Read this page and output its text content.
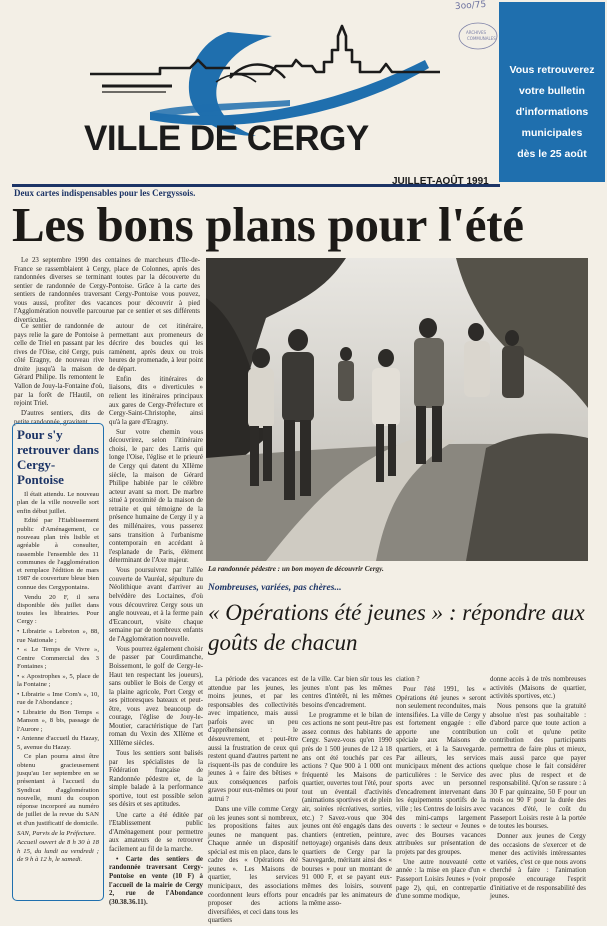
ARCHIVES
COMMUNALES
3oo/75
VILLE DE CERGY
Vous retrouverez
votre bulletin
d'informations
municipales
dès le 25 août
Deux cartes indispensables pour les Cergyssois.
JUILLET-AOÛT 1991
Les bons plans pour l'été

Le 23 septembre 1990 des centaines de marcheurs d'Ile-de-France se rassemblaient à Cergy, place de Colonnes, après des randonnées diverses se terminant toutes par la découverte du sentier de randonnée de Cergy-Pontoise. Grâce à la carte des sentiers de randonnées traversant Cergy-Pontoise vous pouvez, vous aussi, profiter des vacances pour découvrir à pied l'Agglomération nouvelle parcourue par ce sentier et ses différents diverticules.

Ce sentier de randonnée de pays relie la gare de Pontoise à celle de Triel en passant par les rives de l'Oise, cité Cergy, puis côté Eragny, de nouveau rive droite jusqu'à la maison de Gérard Philipe. Ils remontent le Vallon de Jouy-la-Fontaine d'où, par la forêt de l'Hautil, on rejoint Triel.

D'autres sentiers, dits de petite randonnée, gravitent

autour de cet itinéraire, permettant aux promeneurs de décrire des boucles qui les ramènent, après deux ou trois heures de promenade, à leur point de départ.

Enfin des itinéraires de liaisons, dits « diverticules » relient les itinéraires principaux aux gares de Cergy-Préfecture et Cergy-Saint-Christophe, ainsi qu'à la gare d'Eragny.

Sur votre chemin vous découvrirez, selon l'itinéraire choisi, le parc des Larris qui longe l'Oise, l'église et le prieuré de Cergy qui datent du XIIème siècle, la maison de Gérard Philipe habitée par le célèbre acteur avant sa mort. De marbre situé à proximité de la maison de retraite et qui témoigne de la présence humaine de Cergy il y a des millénaires, vous passerez sans transition à l'urbanisme contemporain en accédant à l'esplanade de Paris, élément déterminant de l'Axe majeur.

Vous poursuivrez par l'allée couverte de Vauréal, sépulture du Néolithique avant d'arriver au belvédère des Loctaines, d'où vous découvrirez Cergy sous un angle nouveau, et à la ferme pain d'Ecancourt, visite chaque semaine par de nombreux enfants de l'Agglomération nouvelle.

Vous pourrez également choisir de passer par Courdimanche, Boissemont, le golf de Cergy-le-Haut ten respectant les joueurs), sans oublier le Bois de Cergy et la plaine agricole, Port Cergy et ses pittoresques bateaux et peut-être, vous avez beaucoup de courage, l'église de Jouy-le-Moutier, caractéristique de l'art roman du Vexin des XIIème et XIIIème siècles.

Tous les sentiers sont balisés par les spécialistes de la Fédération française de Randonnée pédestre et, de la simple balade à la performance sportive, tout est possible selon ses désirs et ses aptitudes.

Une carte a été éditée par l'Etablissement public d'Aménagement pour permettre aux amateurs de se retrouver facilement au fil de la marche.

• Carte des sentiers de randonnée traversant Cergy-Pontoise en vente (10 F) à l'accueil de la mairie de Cergy 2, rue de l'Abondance (30.38.36.11).

Pour s'y retrouver dans Cergy-Pontoise

Il était attendu. Le nouveau plan de la ville nouvelle sort enfin début juillet.

Edité par l'Etablissement public d'Aménagement, ce nouveau plan très lisible et agréable à consulter, rassemble l'ensemble des 11 communes de l'agglomération et remplace l'édition de mars 1987 de couverture bleue bien connue des Cergypontains.

Vendu 20 F, il sera disponible dès juillet dans toutes les librairies. Pour Cergy :

• Librairie « Lebreton », 88, rue Nationale ;

• « Le Temps de Vivre », Centre Commercial des 3 Fontaines ;

• « Apostrophes », 5, place de la Fontaine ;

• Librairie « Ime Com's », 10, rue de l'Abondance ;

• Librairie du Bon Temps « Manson », 8 bis, passage de l'Aurore ;

• Antenne d'accueil du Hazay, 5, avenue du Hazay.

Ce plan pourra ainsi être obtenu gracieusement jusqu'au 1er septembre en se présentant à l'accueil du Syndicat d'agglomération nouvelle, muni du coupon réponse incorporé au numéro de juillet de la revue du SAN et d'un justificatif de domicile.

SAN, Parvis de la Préfecture.

Accueil ouvert de 8 h 30 à 18 h 15, du lundi au vendredi ; de 9 h à 12 h, le samedi.

La randonnée pédestre : un bon moyen de découvrir Cergy.
Nombreuses, variées, pas chères...
« Opérations été jeunes » : répondre aux goûts de chacun

La période des vacances est attendue par les jeunes, les moins jeunes, et par les responsables des collectivités avec impatience, mais aussi parfois avec un peu d'appréhension : le désœuvrement, et peut-être aussi la frustration de ceux qui restent quand d'autres partent ne risquent-ils pas de conduire les jeunes à « faire des bêtises » aux conséquences parfois graves pour eux-mêmes ou pour autrui ?

Dans une ville comme Cergy où les jeunes sont si nombreux, les propositions faites aux jeunes ne manquent pas. Chaque année un dispositif spécial est mis en place, dans le cadre des « Opérations été jeunes ». Les Maisons de quartier, les services municipaux, des associations coordonnent leurs efforts pour proposer des actions diversifiées, et ceci dans tous les quartiers

de la ville. Car bien sûr tous les jeunes n'ont pas les mêmes centres d'intérêt, ni les mêmes besoins d'encadrement.

Le programme et le bilan de ces actions ne sont peut-être pas assez connus des habitants de Cergy. Savez-vous qu'en 1990 près de 1 500 jeunes de 12 à 18 ans ont été touchés par ces actions ? Que 900 à 1 000 ont fréquenté les Maisons de quartier, ouvertes tout l'été, pour tout un éventail d'activités (animations sportives et de plein air, soirées récréatives, sorties, etc.) ? Savez-vous que 304 jeunes ont été engagés dans des chantiers (entretien, peinture, nettoyage) organisés dans deux quartiers de Cergy par la Sauvegarde, méritant ainsi des « bourses » pour un montant de 91 000 F, et se payant eux-mêmes des loisirs, souvent encadrés par les animateurs de la même asso-

ciation ?

Pour l'été 1991, les « Opérations été jeunes » seront non seulement reconduites, mais intensifiées. La ville de Cergy y est fortement engagée : elle apporte une contribution spéciale aux Maisons de quartiers, et à la Sauvegarde. Par ailleurs, les services municipaux mènent des actions particulières : le Service des sports avec un personnel d'encadrement intervenant dans les équipements sportifs de la ville ; les Centres de loisirs avec des mini-camps largement ouverts : le secteur « Jeunes » avec des Bourses vacances attribuées sur présentation de projets par des groupes.

Une autre nouveauté cette année : la mise en place d'un « Passeport Loisirs Jeunes » (voir page 2), qui, en contrepartie d'une somme modique,

donne accès à de très nombreuses activités (Maisons de quartier, activités sportives, etc.)

Nous pensons que la gratuité absolue n'est pas souhaitable : d'abord parce que toute action a un coût et qu'une petite contribution des participants permettra de faire plus et mieux, mais aussi parce que payer quelque chose le fait considérer avec plus de respect et de responsabilité. Qu'on se rassure : à 30 F par quinzaine, 50 F pour un mois ou 90 F pour la durée des vacances d'été, le coût du Passeport Loisirs reste à la portée de toutes les bourses.

Donner aux jeunes de Cergy des occasions de s'exercer et de mener des activités intéressantes et variées, c'est ce que nous avons cherché à faire : l'animation proposée encourage l'esprit d'initiative et de responsabilité des jeunes.
